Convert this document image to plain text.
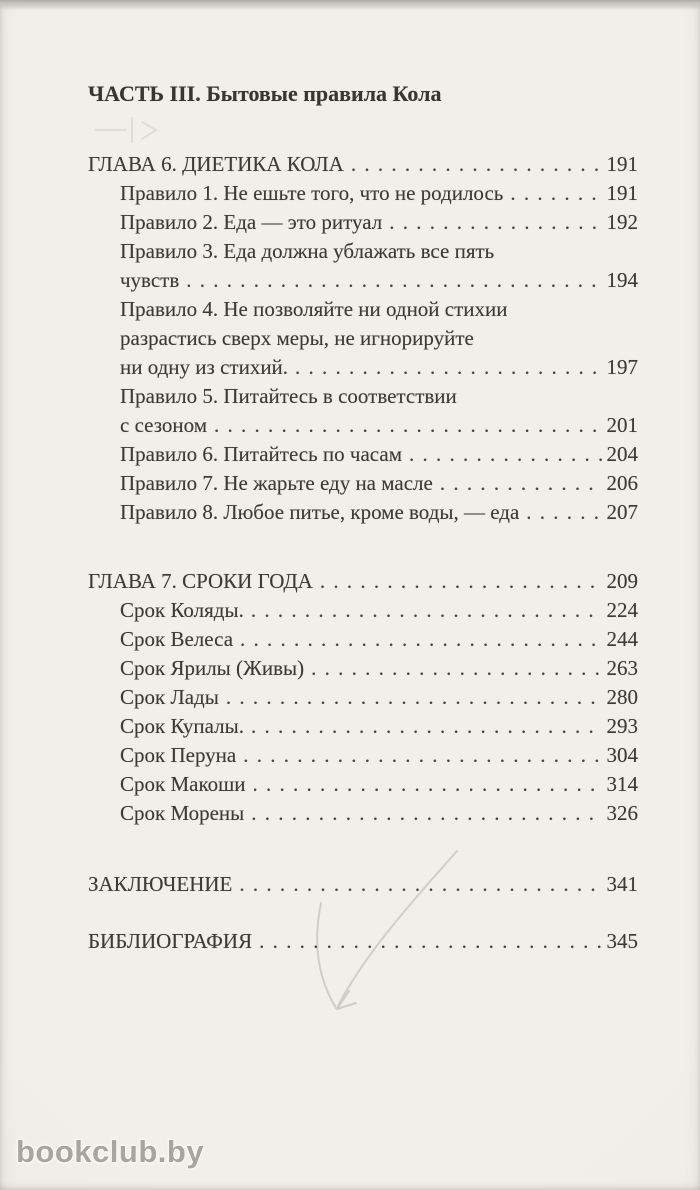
ЧАСТЬ III. Бытовые правила Кола
ГЛАВА 6. ДИЕТИКА КОЛА . . .	191
Правило 1. Не ешьте того, что не родилось . . .	191
Правило 2. Еда — это ритуал . . .	192
Правило 3. Еда должна ублажать все пять
чувств . . .	194
Правило 4. Не позволяйте ни одной стихии
разрастись сверх меры, не игнорируйте
ни одну из стихий. . . .	197
Правило 5. Питайтесь в соответствии
с сезоном . . .	201
Правило 6. Питайтесь по часам . . .	204
Правило 7. Не жарьте еду на масле . . .	206
Правило 8. Любое питье, кроме воды, — еда . . .	207
ГЛАВА 7. СРОКИ ГОДА . . .	209
Срок Коляды. . . .	224
Срок Велеса . . .	244
Срок Ярилы (Живы) . . .	263
Срок Лады . . .	280
Срок Купалы. . . .	293
Срок Перуна . . .	304
Срок Макоши . . .	314
Срок Морены . . .	326
ЗАКЛЮЧЕНИЕ . . .	341
БИБЛИОГРАФИЯ . . .	345
bookclub.by
